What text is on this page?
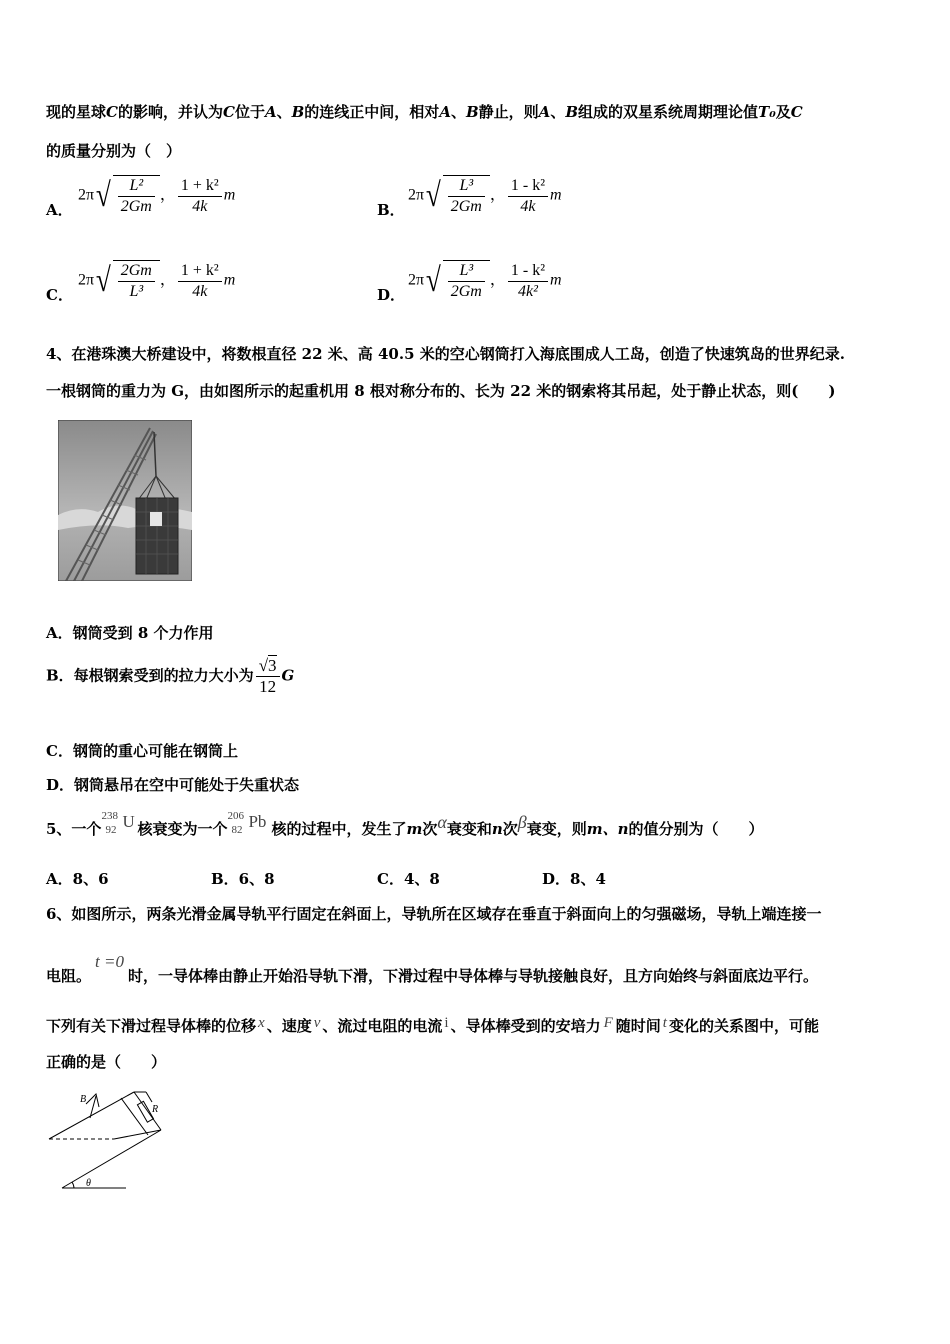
现的星球C的影响，并认为C位于A、B的连线正中间，相对A、B静止，则A、B组成的双星系统周期理论值T₀及C
的质量分别为（　）
A．
$2\pi√ \frac{\text{L²}}{2Gm}$ ， $\frac{\text{1 + k²}}{4k}$ m
B．
$2\pi√ \frac{\text{L³}}{2Gm}$ ， $\frac{\text{1 - k²}}{4k}$ m
C．
$2\pi√ \frac{2Gm}{\text{L³}}$ ， $\frac{\text{1 + k²}}{4k}$ m
D．
$2\pi√ \frac{\text{L³}}{2Gm}$ ， $\frac{\text{1 - k²}}{\text{4k²}}$ m
4、在港珠澳大桥建设中，将数根直径 22 米、高 40.5 米的空心钢筒打入海底围成人工岛，创造了快速筑岛的世界纪录.
一根钢筒的重力为 G，由如图所示的起重机用 8 根对称分布的、长为 22 米的钢索将其吊起，处于静止状态，则(　　)
A．钢筒受到 8 个力作用
B．每根钢索受到的拉力大小为 $\frac{√3}{12}$ G
C．钢筒的重心可能在钢筒上
D．钢筒悬吊在空中可能处于失重状态
5、一个
238
92 U 核衰变为一个
206
82 Pb 核的过程中，发生了m次α衰变和n次β衰变，则m、n的值分别为（　　）
A．8、6	B．6、8	C．4、8	D．8、4
6、如图所示，两条光滑金属导轨平行固定在斜面上，导轨所在区域存在垂直于斜面向上的匀强磁场，导轨上端连接一
电阻。t =0时，一导体棒由静止开始沿导轨下滑，下滑过程中导体棒与导轨接触良好，且方向始终与斜面底边平行。
下列有关下滑过程导体棒的位移 x 、速度 v 、流过电阻的电流 i 、导体棒受到的安培力 F 随时间 t 变化的关系图中，可能
正确的是（　　）
B
R
θ
